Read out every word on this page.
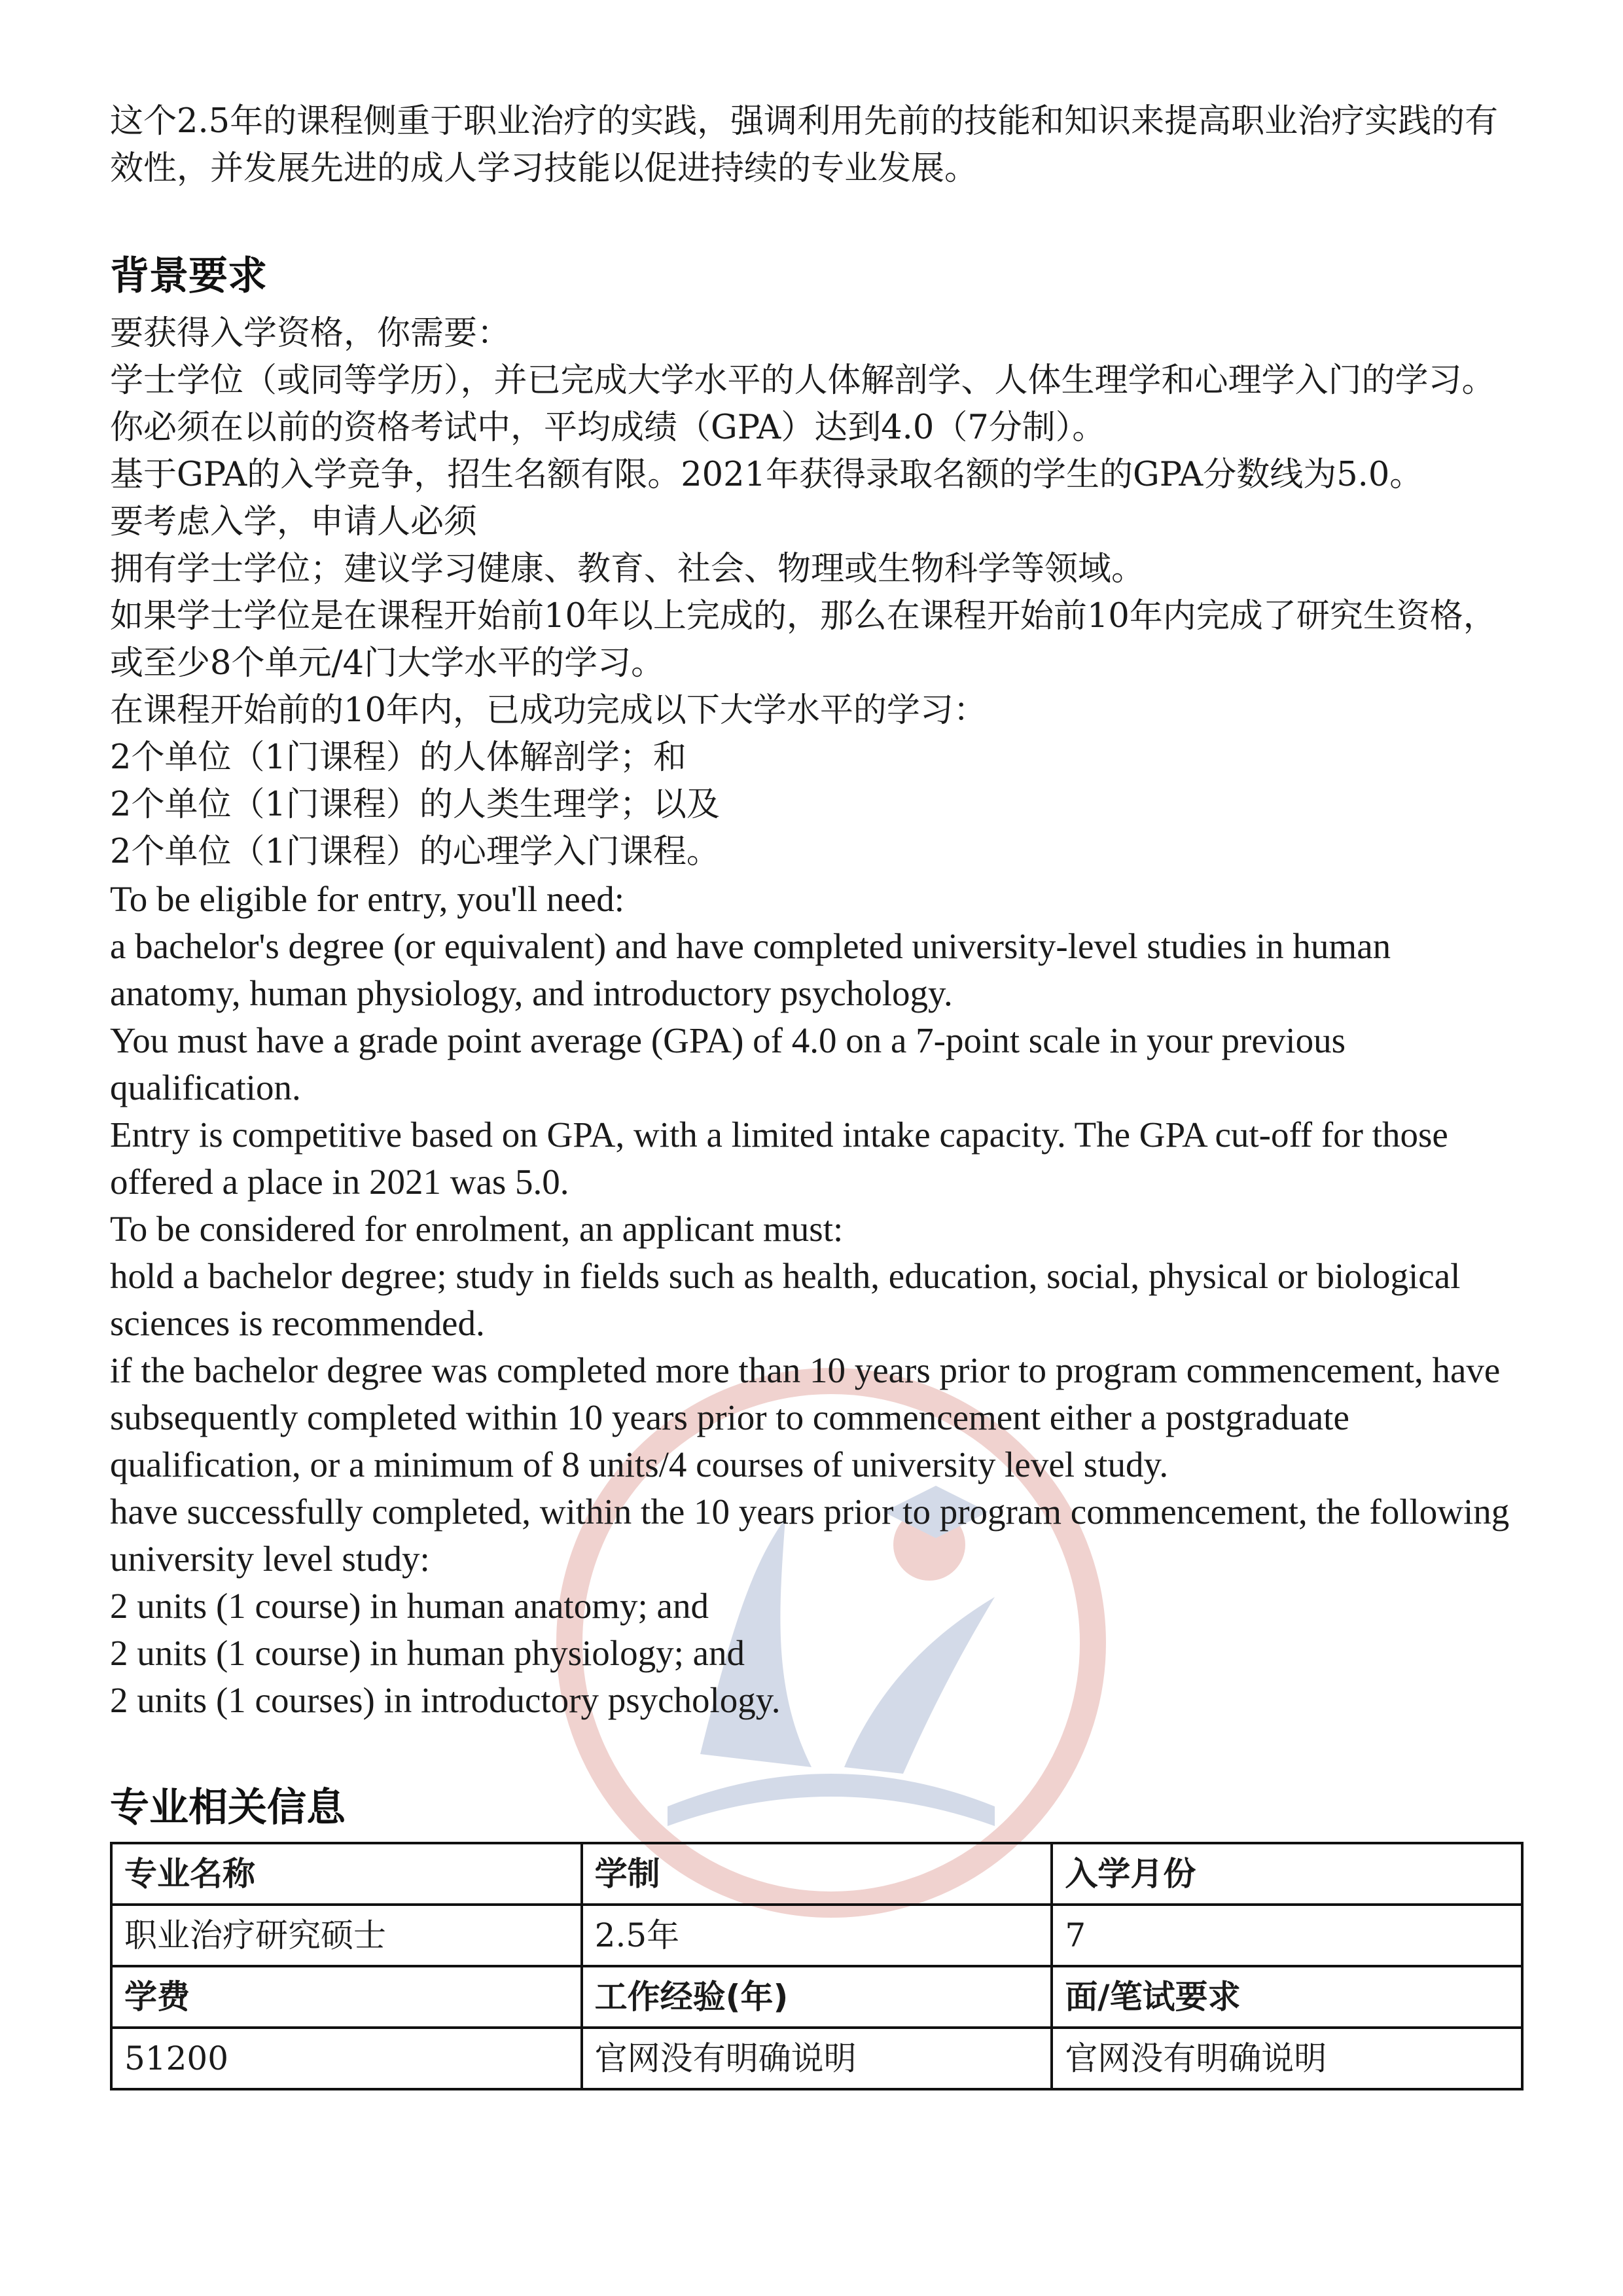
这个2.5年的课程侧重于职业治疗的实践，强调利用先前的技能和知识来提高职业治疗实践的有效性，并发展先进的成人学习技能以促进持续的专业发展。

背景要求

要获得入学资格，你需要：

学士学位（或同等学历），并已完成大学水平的人体解剖学、人体生理学和心理学入门的学习。

你必须在以前的资格考试中，平均成绩（GPA）达到4.0（7分制）。

基于GPA的入学竞争，招生名额有限。2021年获得录取名额的学生的GPA分数线为5.0。

要考虑入学，申请人必须

拥有学士学位；建议学习健康、教育、社会、物理或生物科学等领域。

如果学士学位是在课程开始前10年以上完成的，那么在课程开始前10年内完成了研究生资格，或至少8个单元/4门大学水平的学习。

在课程开始前的10年内，已成功完成以下大学水平的学习：

2个单位（1门课程）的人体解剖学；和

2个单位（1门课程）的人类生理学；以及

2个单位（1门课程）的心理学入门课程。

To be eligible for entry, you'll need:

a bachelor's degree (or equivalent) and have completed university-level studies in human anatomy, human physiology, and introductory psychology.

You must have a grade point average (GPA) of 4.0 on a 7-point scale in your previous qualification.

Entry is competitive based on GPA, with a limited intake capacity. The GPA cut-off for those offered a place in 2021 was 5.0.

To be considered for enrolment, an applicant must:

hold a bachelor degree; study in fields such as health, education, social, physical or biological sciences is recommended.

if the bachelor degree was completed more than 10 years prior to program commencement, have subsequently completed within 10 years prior to commencement either a postgraduate qualification, or a minimum of 8 units/4 courses of university level study.

have successfully completed, within the 10 years prior to program commencement, the following university level study:

2 units (1 course) in human anatomy; and

2 units (1 course) in human physiology; and

2 units (1 courses) in introductory psychology.

专业相关信息
专业名称	学制	入学月份
职业治疗研究硕士	2.5年	7
学费	工作经验(年)	面/笔试要求
51200	官网没有明确说明	官网没有明确说明
